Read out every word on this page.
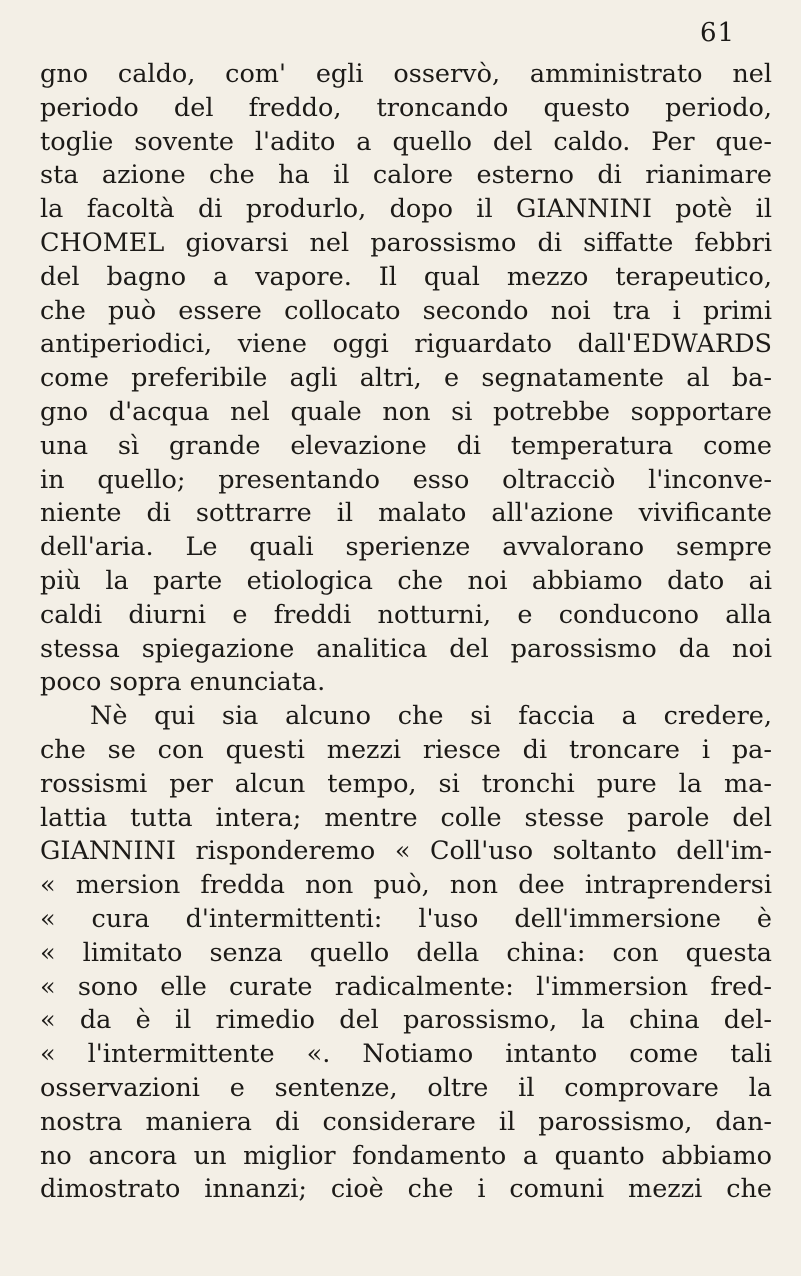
61
gno caldo, com' egli osservò, amministrato nel
periodo del freddo, troncando questo periodo,
toglie sovente l'adito a quello del caldo. Per que-
sta azione che ha il calore esterno di rianimare
la facoltà di produrlo, dopo il GIANNINI potè il
CHOMEL giovarsi nel parossismo di siffatte febbri
del bagno a vapore. Il qual mezzo terapeutico,
che può essere collocato secondo noi tra i primi
antiperiodici, viene oggi riguardato dall'EDWARDS
come preferibile agli altri, e segnatamente al ba-
gno d'acqua nel quale non si potrebbe sopportare
una sì grande elevazione di temperatura come
in quello; presentando esso oltracciò l'inconve-
niente di sottrarre il malato all'azione vivificante
dell'aria. Le quali sperienze avvalorano sempre
più la parte etiologica che noi abbiamo dato ai
caldi diurni e freddi notturni, e conducono alla
stessa spiegazione analitica del parossismo da noi
poco sopra enunciata.
Nè qui sia alcuno che si faccia a credere,
che se con questi mezzi riesce di troncare i pa-
rossismi per alcun tempo, si tronchi pure la ma-
lattia tutta intera; mentre colle stesse parole del
GIANNINI risponderemo « Coll'uso soltanto dell'im-
« mersion fredda non può, non dee intraprendersi
« cura d'intermittenti: l'uso dell'immersione è
« limitato senza quello della china: con questa
« sono elle curate radicalmente: l'immersion fred-
« da è il rimedio del parossismo, la china del-
« l'intermittente «. Notiamo intanto come tali
osservazioni e sentenze, oltre il comprovare la
nostra maniera di considerare il parossismo, dan-
no ancora un miglior fondamento a quanto abbiamo
dimostrato innanzi; cioè che i comuni mezzi che
